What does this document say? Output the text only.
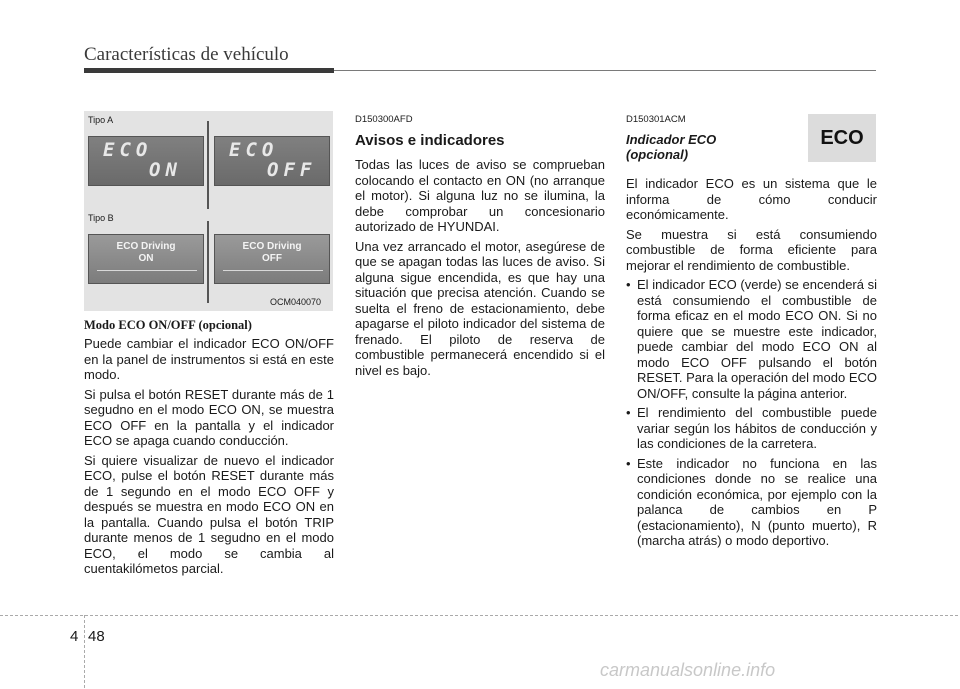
Características de vehículo
Tipo A
ECO
ON
ECO
OFF
Tipo B
ECO Driving
ON
ECO Driving
OFF
OCM040070
Modo ECO ON/OFF (opcional)

Puede cambiar el indicador ECO ON/OFF en la panel de instrumentos si está en este modo.

Si pulsa el botón RESET durante más de 1 segudno en el modo ECO ON, se muestra ECO OFF en la pantalla y el indicador ECO se apaga cuando conducción.

Si quiere visualizar de nuevo el indicador ECO, pulse el botón RESET durante más de 1 segundo en el modo ECO OFF y después se muestra en modo ECO ON en la pantalla. Cuando pulsa el botón TRIP durante menos de 1 segudno en el modo ECO, el modo se cambia al cuentakilómetos parcial.

D150300AFD
Avisos e indicadores

Todas las luces de aviso se comprueban colocando el contacto en ON (no arranque el motor). Si alguna luz no se ilumina, la debe comprobar un concesionario autorizado de HYUNDAI.

Una vez arrancado el motor, asegúrese de que se apagan todas las luces de aviso. Si alguna sigue encendida, es que hay una situación que precisa atención. Cuando se suelta el freno de estacionamiento, debe apagarse el piloto indicador del sistema de frenado. El piloto de reserva de combustible permanecerá encendido si el nivel es bajo.

D150301ACM
Indicador ECO
(opcional)

El indicador ECO es un sistema que le informa de cómo conducir económicamente.

Se muestra si está consumiendo combustible de forma eficiente para mejorar el rendimiento de combustible.

• El indicador ECO (verde) se encenderá si está consumiendo el combustible de forma eficaz en el modo ECO ON. Si no quiere que se muestre este indicador, puede cambiar del modo ECO ON al modo ECO OFF pulsando el botón RESET. Para la operación del modo ECO ON/OFF, consulte la página anterior.
• El rendimiento del combustible puede variar según los hábitos de conducción y las condiciones de la carretera.
• Este indicador no funciona en las condiciones donde no se realice una condición económica, por ejemplo con la palanca de cambios en P (estacionamiento), N (punto muerto), R (marcha atrás) o modo deportivo.
ECO
4 48
carmanualsonline.info
